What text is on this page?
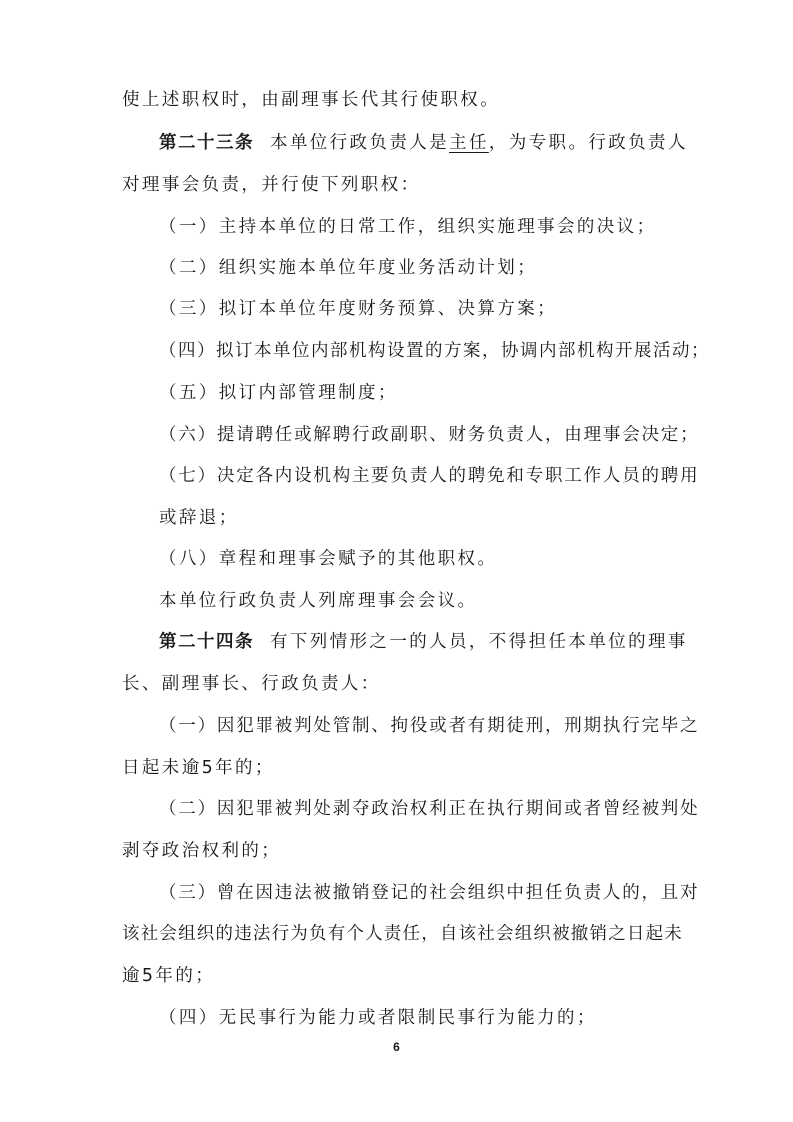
使上述职权时，由副理事长代其行使职权。
第二十三条 本单位行政负责人是主任，为专职。行政负责人
对理事会负责，并行使下列职权：
（一）主持本单位的日常工作，组织实施理事会的决议；
（二）组织实施本单位年度业务活动计划；
（三）拟订本单位年度财务预算、决算方案；
（四）拟订本单位内部机构设置的方案，协调内部机构开展活动；
（五）拟订内部管理制度；
（六）提请聘任或解聘行政副职、财务负责人，由理事会决定；
（七）决定各内设机构主要负责人的聘免和专职工作人员的聘用
或辞退；
（八）章程和理事会赋予的其他职权。
本单位行政负责人列席理事会会议。
第二十四条 有下列情形之一的人员，不得担任本单位的理事
长、副理事长、行政负责人：
（一）因犯罪被判处管制、拘役或者有期徒刑，刑期执行完毕之
日起未逾5年的；
（二）因犯罪被判处剥夺政治权利正在执行期间或者曾经被判处
剥夺政治权利的；
（三）曾在因违法被撤销登记的社会组织中担任负责人的，且对
该社会组织的违法行为负有个人责任，自该社会组织被撤销之日起未
逾5年的；
（四）无民事行为能力或者限制民事行为能力的；
6
